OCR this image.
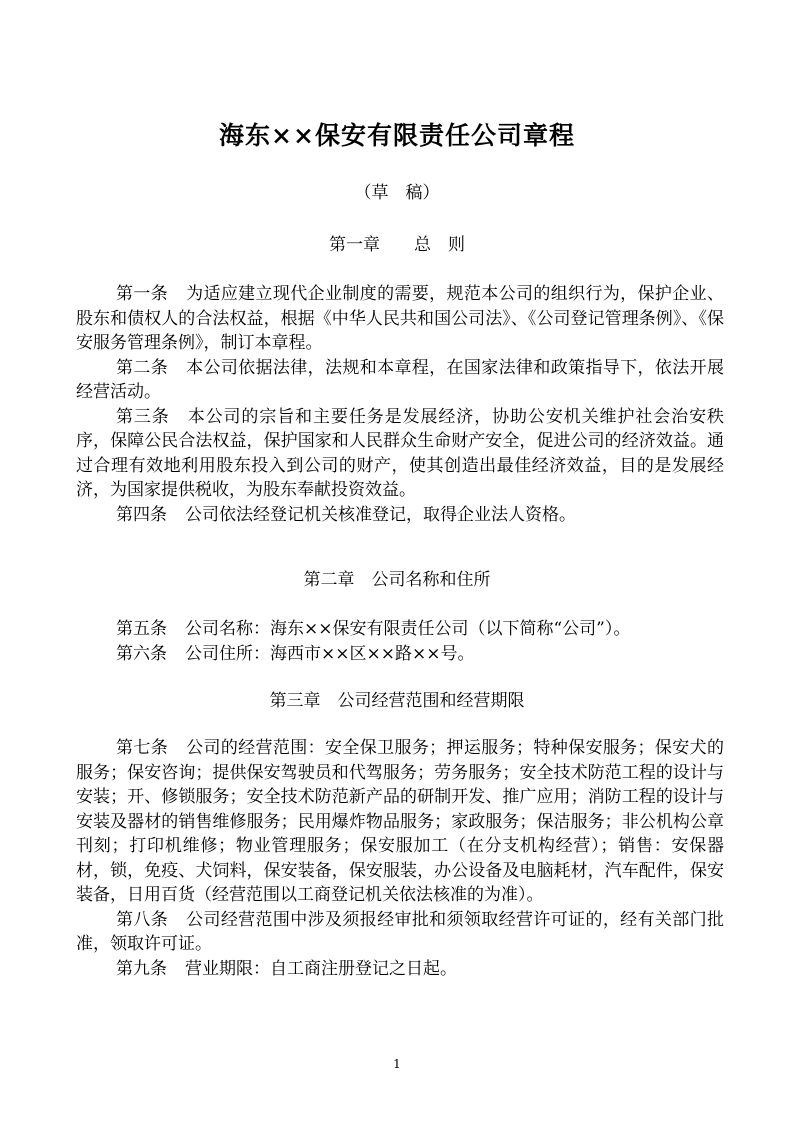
海东××保安有限责任公司章程
（草　稿）
第一章　　总　则

第一条 为适应建立现代企业制度的需要，规范本公司的组织行为，保护企业、股东和债权人的合法权益，根据《中华人民共和国公司法》、《公司登记管理条例》、《保安服务管理条例》，制订本章程。

第二条 本公司依据法律，法规和本章程，在国家法律和政策指导下，依法开展经营活动。

第三条 本公司的宗旨和主要任务是发展经济，协助公安机关维护社会治安秩序，保障公民合法权益，保护国家和人民群众生命财产安全，促进公司的经济效益。通过合理有效地利用股东投入到公司的财产，使其创造出最佳经济效益，目的是发展经济，为国家提供税收，为股东奉献投资效益。

第四条 公司依法经登记机关核准登记，取得企业法人资格。

第二章　公司名称和住所

第五条 公司名称：海东××保安有限责任公司（以下简称“公司”）。

第六条 公司住所：海西市××区××路××号。

第三章　公司经营范围和经营期限

第七条 公司的经营范围：安全保卫服务；押运服务；特种保安服务；保安犬的服务；保安咨询；提供保安驾驶员和代驾服务；劳务服务；安全技术防范工程的设计与安装；开、修锁服务；安全技术防范新产品的研制开发、推广应用；消防工程的设计与安装及器材的销售维修服务；民用爆炸物品服务；家政服务；保洁服务；非公机构公章刊刻；打印机维修；物业管理服务；保安服加工（在分支机构经营）；销售：安保器材，锁，免疫、犬饲料，保安装备，保安服装，办公设备及电脑耗材，汽车配件，保安装备，日用百货（经营范围以工商登记机关依法核准的为准）。

第八条 公司经营范围中涉及须报经审批和须领取经营许可证的，经有关部门批准，领取许可证。

第九条 营业期限：自工商注册登记之日起。

1
